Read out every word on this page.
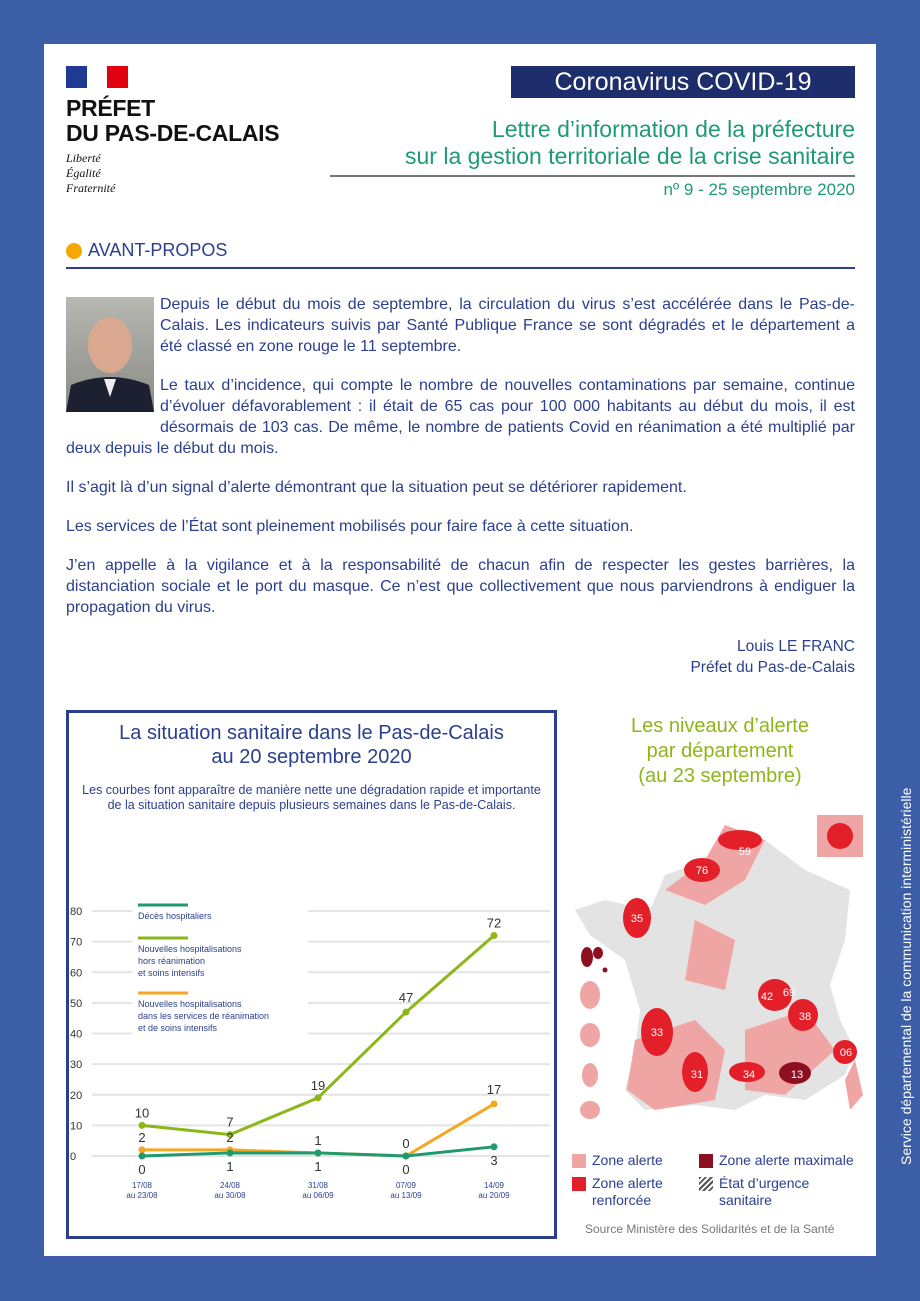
PRÉFET
DU PAS-DE-CALAIS
Liberté
Égalité
Fraternité
Coronavirus COVID-19
Lettre d’information de la préfecture
sur la gestion territoriale de la crise sanitaire
nº 9 - 25 septembre 2020
AVANT-PROPOS

Depuis le début du mois de septembre, la circulation du virus s’est accélérée dans le Pas-de-Calais. Les indicateurs suivis par Santé Publique France se sont dégradés et le département a été classé en zone rouge le 11 septembre.

Le taux d’incidence, qui compte le nombre de nouvelles contaminations par semaine, continue d’évoluer défavorablement : il était de 65 cas pour 100 000 habitants au début du mois, il est désormais de 103 cas. De même, le nombre de patients Covid en réanimation a été multiplié par deux depuis le début du mois.

Il s’agit là d’un signal d’alerte démontrant que la situation peut se détériorer rapidement.

Les services de l’État sont pleinement mobilisés pour faire face à cette situation.

J’en appelle à la vigilance et à la responsabilité de chacun afin de respecter les gestes barrières, la distanciation sociale et le port du masque. Ce n’est que collectivement que nous parviendrons à endiguer la propagation du virus.

Louis LE FRANC
Préfet du Pas-de-Calais
La situation sanitaire dans le Pas-de-Calais au 20 septembre 2020
Les courbes font apparaître de manière nette une dégradation rapide et importante de la situation sanitaire depuis plusieurs semaines dans le Pas-de-Calais.
0
10
20
30
40
50
60
70
80
17/08
au 23/08
24/08
au 30/08
31/08
au 06/09
07/09
au 13/09
14/09
au 20/09
Décès hospitaliers
Nouvelles hospitalisations
hors réanimation
et soins intensifs
Nouvelles hospitalisations
dans les services de réanimation
et de soins intensifs
10
7
19
47
72
2	2	1	0
17
0	1	1	0
3
Les niveaux d’alerte
par département
(au 23 septembre)
59
76
35
42 69
38
33
31	34	13
06
Zone alerte	Zone alerte maximale
Zone alerte renforcée
État d’urgence sanitaire
Source Ministère des Solidarités et de la Santé
Service départemental de la communication interministérielle
